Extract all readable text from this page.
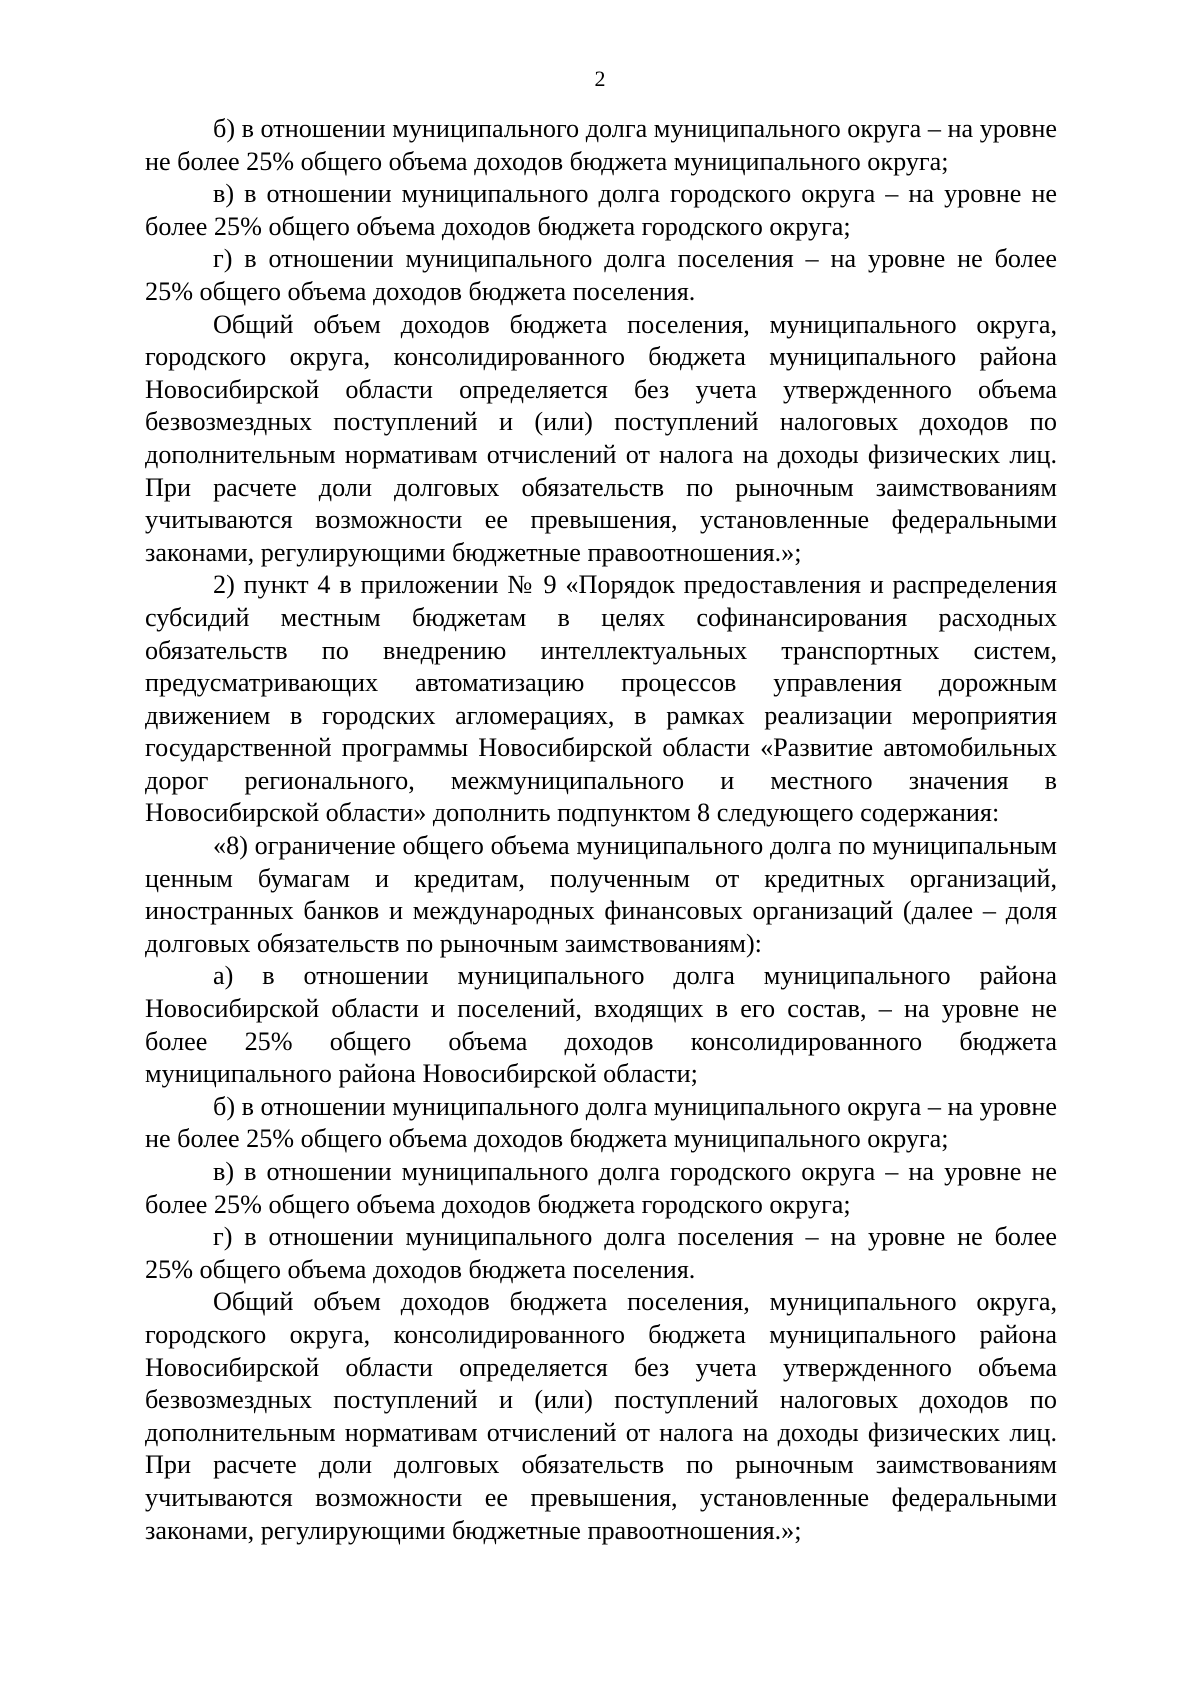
2

б) в отношении муниципального долга муниципального округа – на уровне не более 25% общего объема доходов бюджета муниципального округа;

в) в отношении муниципального долга городского округа – на уровне не более 25% общего объема доходов бюджета городского округа;

г) в отношении муниципального долга поселения – на уровне не более 25% общего объема доходов бюджета поселения.

Общий объем доходов бюджета поселения, муниципального округа, городского округа, консолидированного бюджета муниципального района Новосибирской области определяется без учета утвержденного объема безвозмездных поступлений и (или) поступлений налоговых доходов по дополнительным нормативам отчислений от налога на доходы физических лиц. При расчете доли долговых обязательств по рыночным заимствованиям учитываются возможности ее превышения, установленные федеральными законами, регулирующими бюджетные правоотношения.»;

2) пункт 4 в приложении № 9 «Порядок предоставления и распределения субсидий местным бюджетам в целях софинансирования расходных обязательств по внедрению интеллектуальных транспортных систем, предусматривающих автоматизацию процессов управления дорожным движением в городских агломерациях, в рамках реализации мероприятия государственной программы Новосибирской области «Развитие автомобильных дорог регионального, межмуниципального и местного значения в Новосибирской области» дополнить подпунктом 8 следующего содержания:

«8) ограничение общего объема муниципального долга по муниципальным ценным бумагам и кредитам, полученным от кредитных организаций, иностранных банков и международных финансовых организаций (далее – доля долговых обязательств по рыночным заимствованиям):

а) в отношении муниципального долга муниципального района Новосибирской области и поселений, входящих в его состав, – на уровне не более 25% общего объема доходов консолидированного бюджета муниципального района Новосибирской области;

б) в отношении муниципального долга муниципального округа – на уровне не более 25% общего объема доходов бюджета муниципального округа;

в) в отношении муниципального долга городского округа – на уровне не более 25% общего объема доходов бюджета городского округа;

г) в отношении муниципального долга поселения – на уровне не более 25% общего объема доходов бюджета поселения.

Общий объем доходов бюджета поселения, муниципального округа, городского округа, консолидированного бюджета муниципального района Новосибирской области определяется без учета утвержденного объема безвозмездных поступлений и (или) поступлений налоговых доходов по дополнительным нормативам отчислений от налога на доходы физических лиц. При расчете доли долговых обязательств по рыночным заимствованиям учитываются возможности ее превышения, установленные федеральными законами, регулирующими бюджетные правоотношения.»;
